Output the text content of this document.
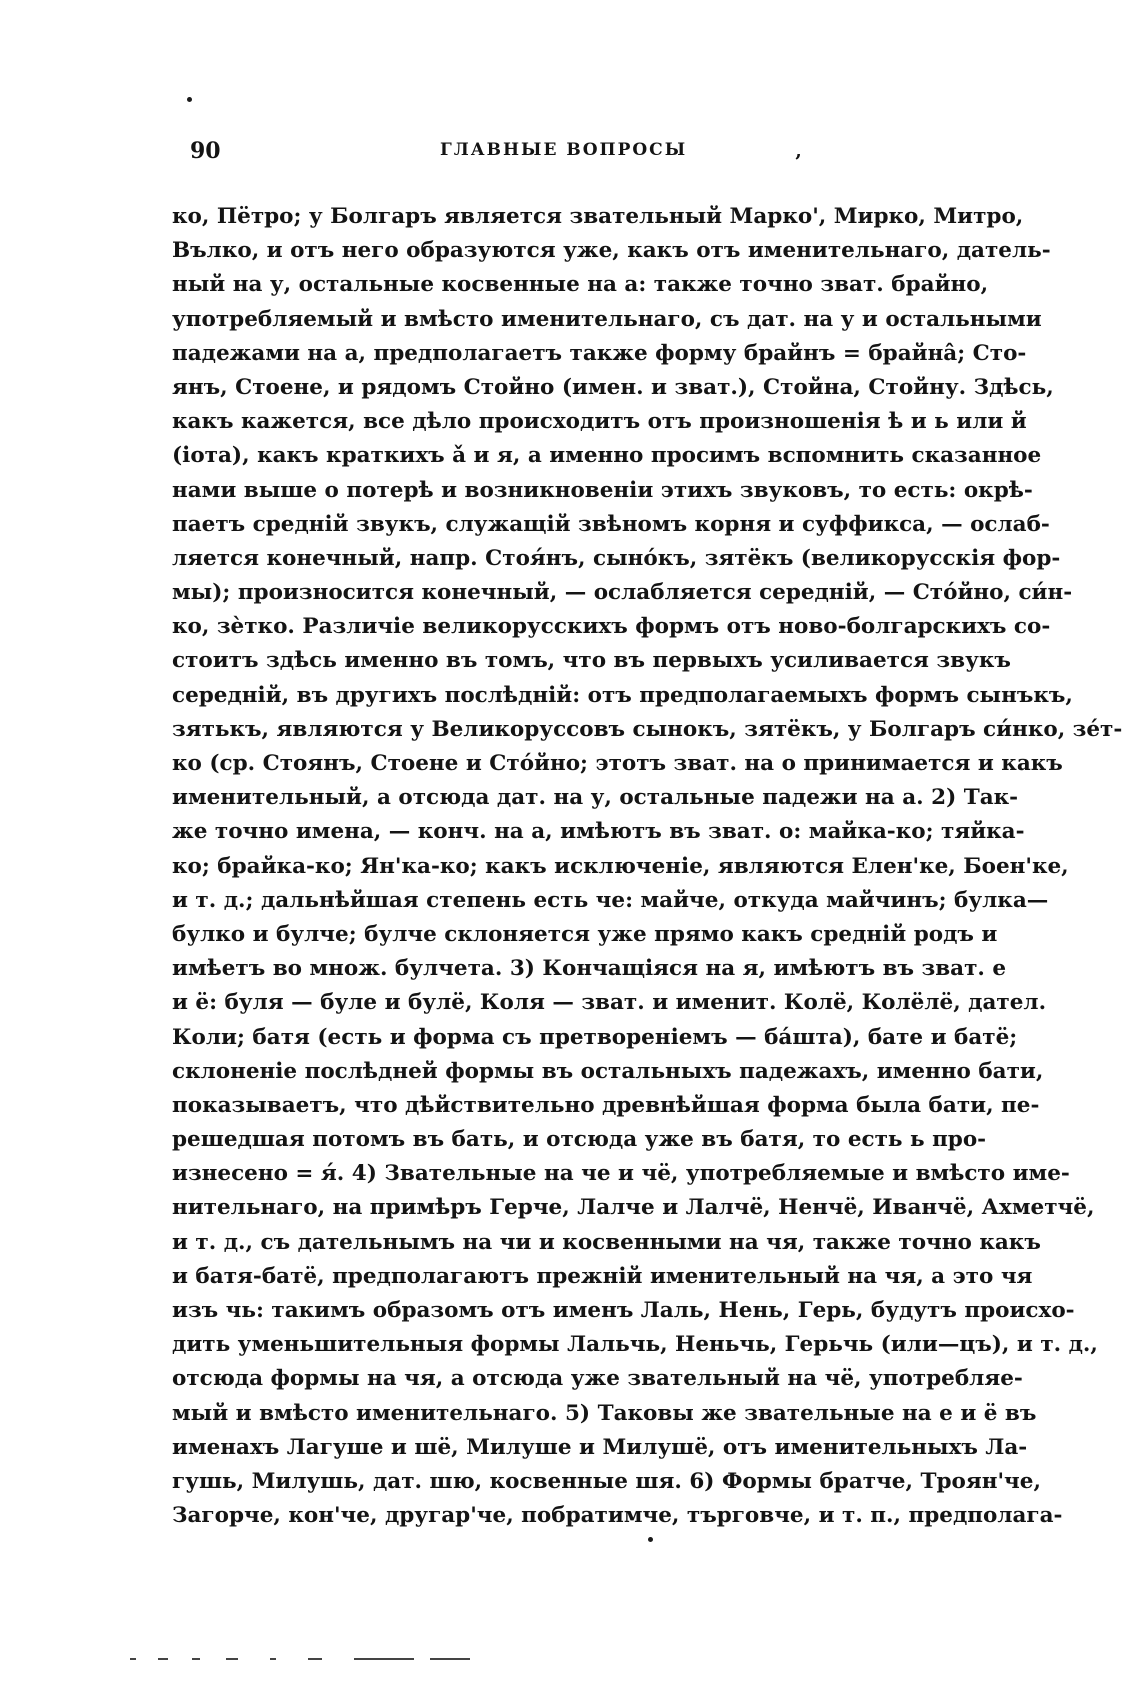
90	ГЛАВНЫЕ ВОПРОСЫ	‚
ко, Пётро; у Болгаръ является звательный Марко', Мирко, Митро,
Вълко, и отъ него образуются уже, какъ отъ именительнаго, датель-
ный на у, остальные косвенные на а: также точно зват. брайно,
употребляемый и вмѣсто именительнаго, съ дат. на у и остальными
падежами на а, предполагаетъ также форму брайнъ = брайнâ; Сто-
янъ, Стоене, и рядомъ Стойно (имен. и зват.), Стойна, Стойну. Здѣсь,
какъ кажется, все дѣло происходитъ отъ произношенія ѣ и ь или й
(iота), какъ краткихъ ǎ и я, а именно просимъ вспомнить сказанное
нами выше о потерѣ и возникновеніи этихъ звуковъ, то есть: окрѣ-
паетъ средній звукъ, служащій звѣномъ корня и суффикса, — ослаб-
ляется конечный, напр. Стоя́нъ, сынóкъ, зятёкъ (великорусскія фор-
мы); произносится конечный, — ослабляется середній, — Стóйно, си́н-
ко, зѐтко. Различіе великорусскихъ формъ отъ ново-болгарскихъ со-
стоитъ здѣсь именно въ томъ, что въ первыхъ усиливается звукъ
середній, въ другихъ послѣдній: отъ предполагаемыхъ формъ сынъкъ,
зятькъ, являются у Великоруссовъ сынокъ, зятёкъ, у Болгаръ си́нко, зе́т-
ко (ср. Стоянъ, Стоене и Стóйно; этотъ зват. на о принимается и какъ
именительный, а отсюда дат. на у, остальные падежи на а. 2) Так-
же точно имена, — конч. на а, имѣютъ въ зват. о: майка-ко; тяйка-
ко; брайка-ко; Ян'ка-ко; какъ исключеніе, являются Елен'ке, Боен'ке,
и т. д.; дальнѣйшая степень есть че: майче, откуда майчинъ; булка—
булко и булче; булче склоняется уже прямо какъ средній родъ и
имѣетъ во множ. булчета. 3) Кончащіяся на я, имѣютъ въ зват. е
и ё: буля — буле и булё, Коля — зват. и именит. Колё, Колёлё, дател.
Коли; батя (есть и форма съ претвореніемъ — бáшта), бате и батё;
склоненіе послѣдней формы въ остальныхъ падежахъ, именно бати,
показываетъ, что дѣйствительно древнѣйшая форма была бати, пе-
решедшая потомъ въ бать, и отсюда уже въ батя, то есть ь про-
изнесено = я́. 4) Звательные на че и чё, употребляемые и вмѣсто име-
нительнаго, на примѣръ Герче, Лалче и Лалчё, Ненчё, Иванчё, Ахметчё,
и т. д., съ дательнымъ на чи и косвенными на чя, также точно какъ
и батя-батё, предполагаютъ прежній именительный на чя, а это чя
изъ чь: такимъ образомъ отъ именъ Лаль, Нень, Герь, будутъ происхо-
дить уменьшительныя формы Лальчь, Неньчь, Герьчь (или—цъ), и т. д.,
отсюда формы на чя, а отсюда уже звательный на чё, употребляе-
мый и вмѣсто именительнаго. 5) Таковы же звательные на е и ё въ
именахъ Лагуше и шё, Милуше и Милушё, отъ именительныхъ Ла-
гушь, Милушь, дат. шю, косвенные шя. 6) Формы братче, Троян'че,
Загорче, кон'че, другар'че, побратимче, търговче, и т. п., предполага-
